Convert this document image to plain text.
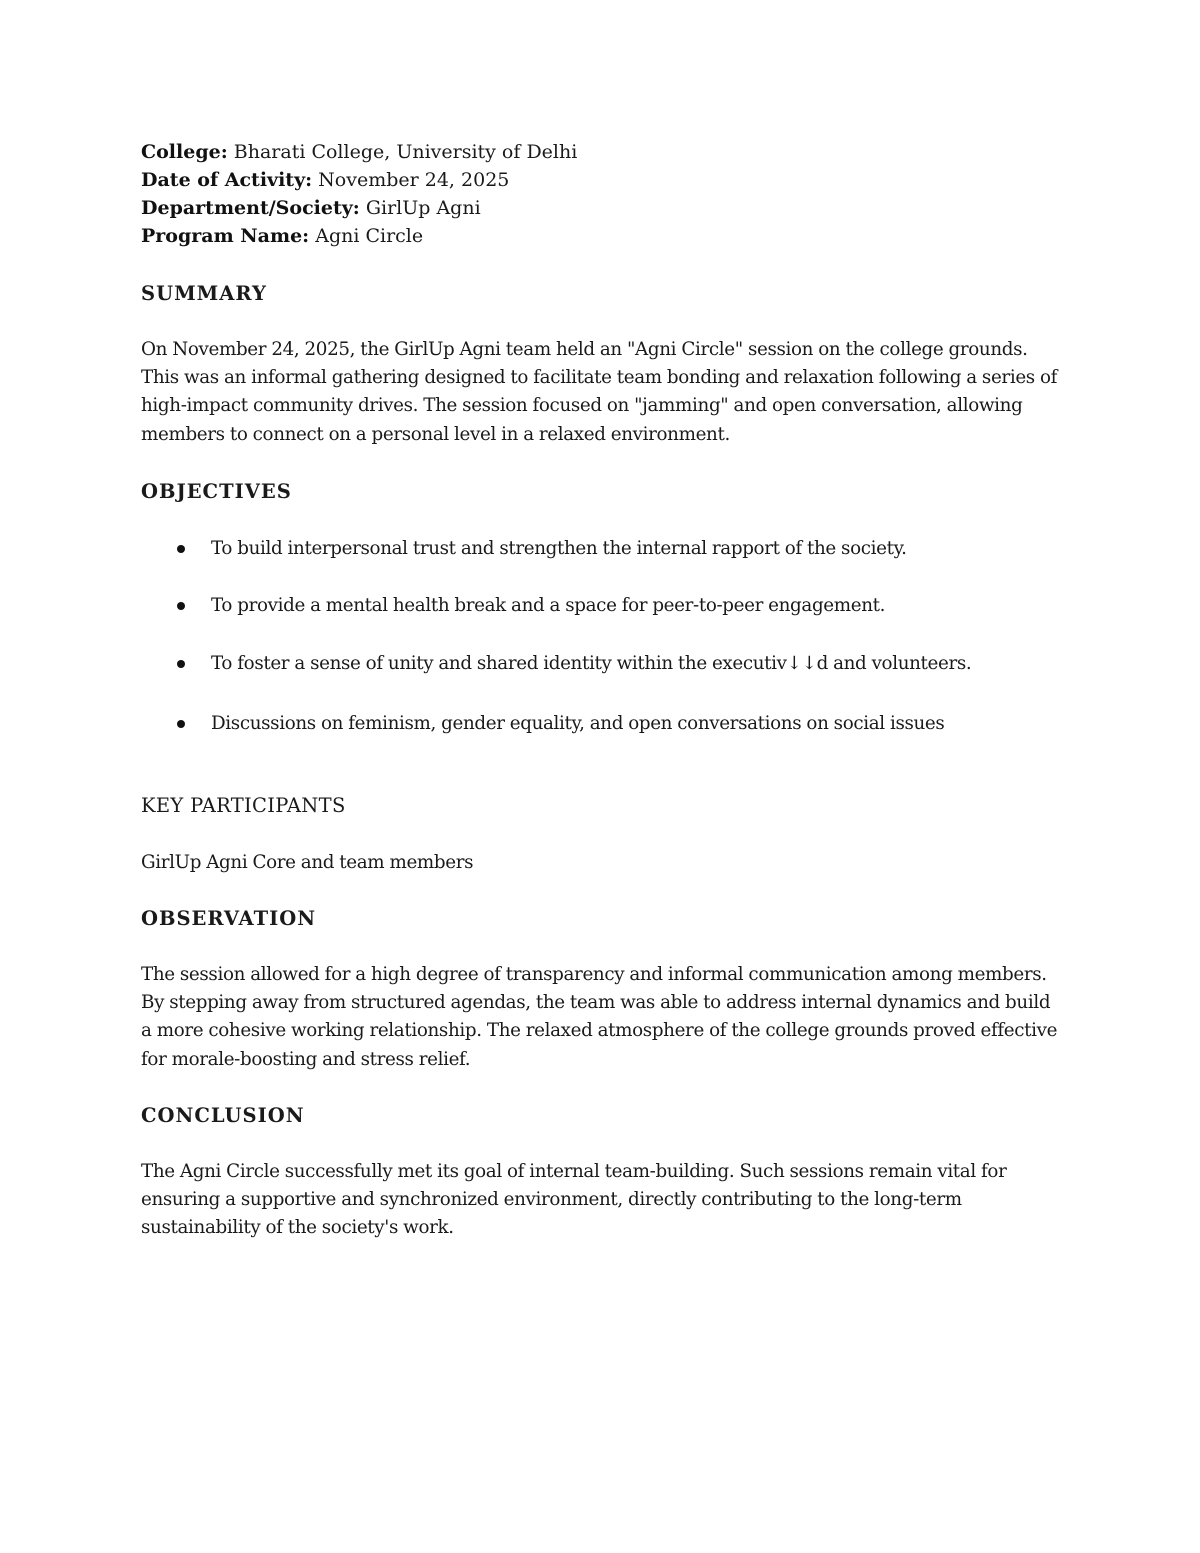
College: Bharati College, University of Delhi

Date of Activity: November 24, 2025

Department/Society: GirlUp Agni

Program Name: Agni Circle

SUMMARY

On November 24, 2025, the GirlUp Agni team held an "Agni Circle" session on the college grounds. This was an informal gathering designed to facilitate team bonding and relaxation following a series of high-impact community drives. The session focused on "jamming" and open conversation, allowing members to connect on a personal level in a relaxed environment.

OBJECTIVES
To build interpersonal trust and strengthen the internal rapport of the society.
To provide a mental health break and a space for peer-to-peer engagement.
To foster a sense of unity and shared identity within the executiv↓↓d and volunteers.
Discussions on feminism, gender equality, and open conversations on social issues
KEY PARTICIPANTS

GirlUp Agni Core and team members

OBSERVATION

The session allowed for a high degree of transparency and informal communication among members. By stepping away from structured agendas, the team was able to address internal dynamics and build a more cohesive working relationship. The relaxed atmosphere of the college grounds proved effective for morale-boosting and stress relief.

CONCLUSION

The Agni Circle successfully met its goal of internal team-building. Such sessions remain vital for ensuring a supportive and synchronized environment, directly contributing to the long-term sustainability of the society's work.
